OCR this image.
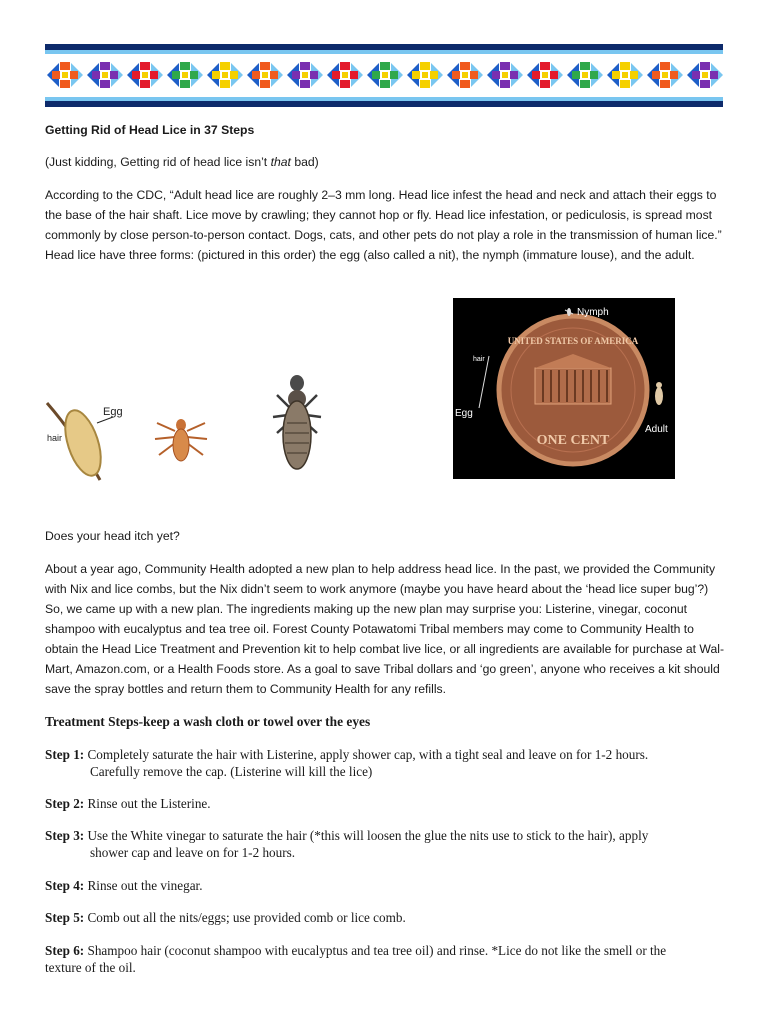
Getting Rid of Head Lice in 37 Steps
(Just kidding, Getting rid of head lice isn’t that bad)

According to the CDC, “Adult head lice are roughly 2–3 mm long. Head lice infest the head and neck and attach their eggs to the base of the hair shaft. Lice move by crawling; they cannot hop or fly. Head lice infestation, or pediculosis, is spread most commonly by close person-to-person contact. Dogs, cats, and other pets do not play a role in the transmission of human lice.” Head lice have three forms: (pictured in this order) the egg (also called a nit), the nymph (immature louse), and the adult.

Egg
hair
UNITED STATES OF AMERICA
ONE CENT
Nymph
hair
Egg
Adult
Does your head itch yet?

About a year ago, Community Health adopted a new plan to help address head lice. In the past, we provided the Community with Nix and lice combs, but the Nix didn’t seem to work anymore (maybe you have heard about the ‘head lice super bug’?) So, we came up with a new plan. The ingredients making up the new plan may surprise you: Listerine, vinegar, coconut shampoo with eucalyptus and tea tree oil. Forest County Potawatomi Tribal members may come to Community Health to obtain the Head Lice Treatment and Prevention kit to help combat live lice, or all ingredients are available for purchase at Wal-Mart, Amazon.com, or a Health Foods store. As a goal to save Tribal dollars and ‘go green’, anyone who receives a kit should save the spray bottles and return them to Community Health for any refills.

Treatment Steps-keep a wash cloth or towel over the eyes
Step 1: Completely saturate the hair with Listerine, apply shower cap, with a tight seal and leave on for 1-2 hours.
Carefully remove the cap. (Listerine will kill the lice)
Step 2: Rinse out the Listerine.
Step 3: Use the White vinegar to saturate the hair (*this will loosen the glue the nits use to stick to the hair), apply
shower cap and leave on for 1-2 hours.
Step 4: Rinse out the vinegar.
Step 5: Comb out all the nits/eggs; use provided comb or lice comb.
Step 6: Shampoo hair (coconut shampoo with eucalyptus and tea tree oil) and rinse. *Lice do not like the smell or the
texture of the oil.
